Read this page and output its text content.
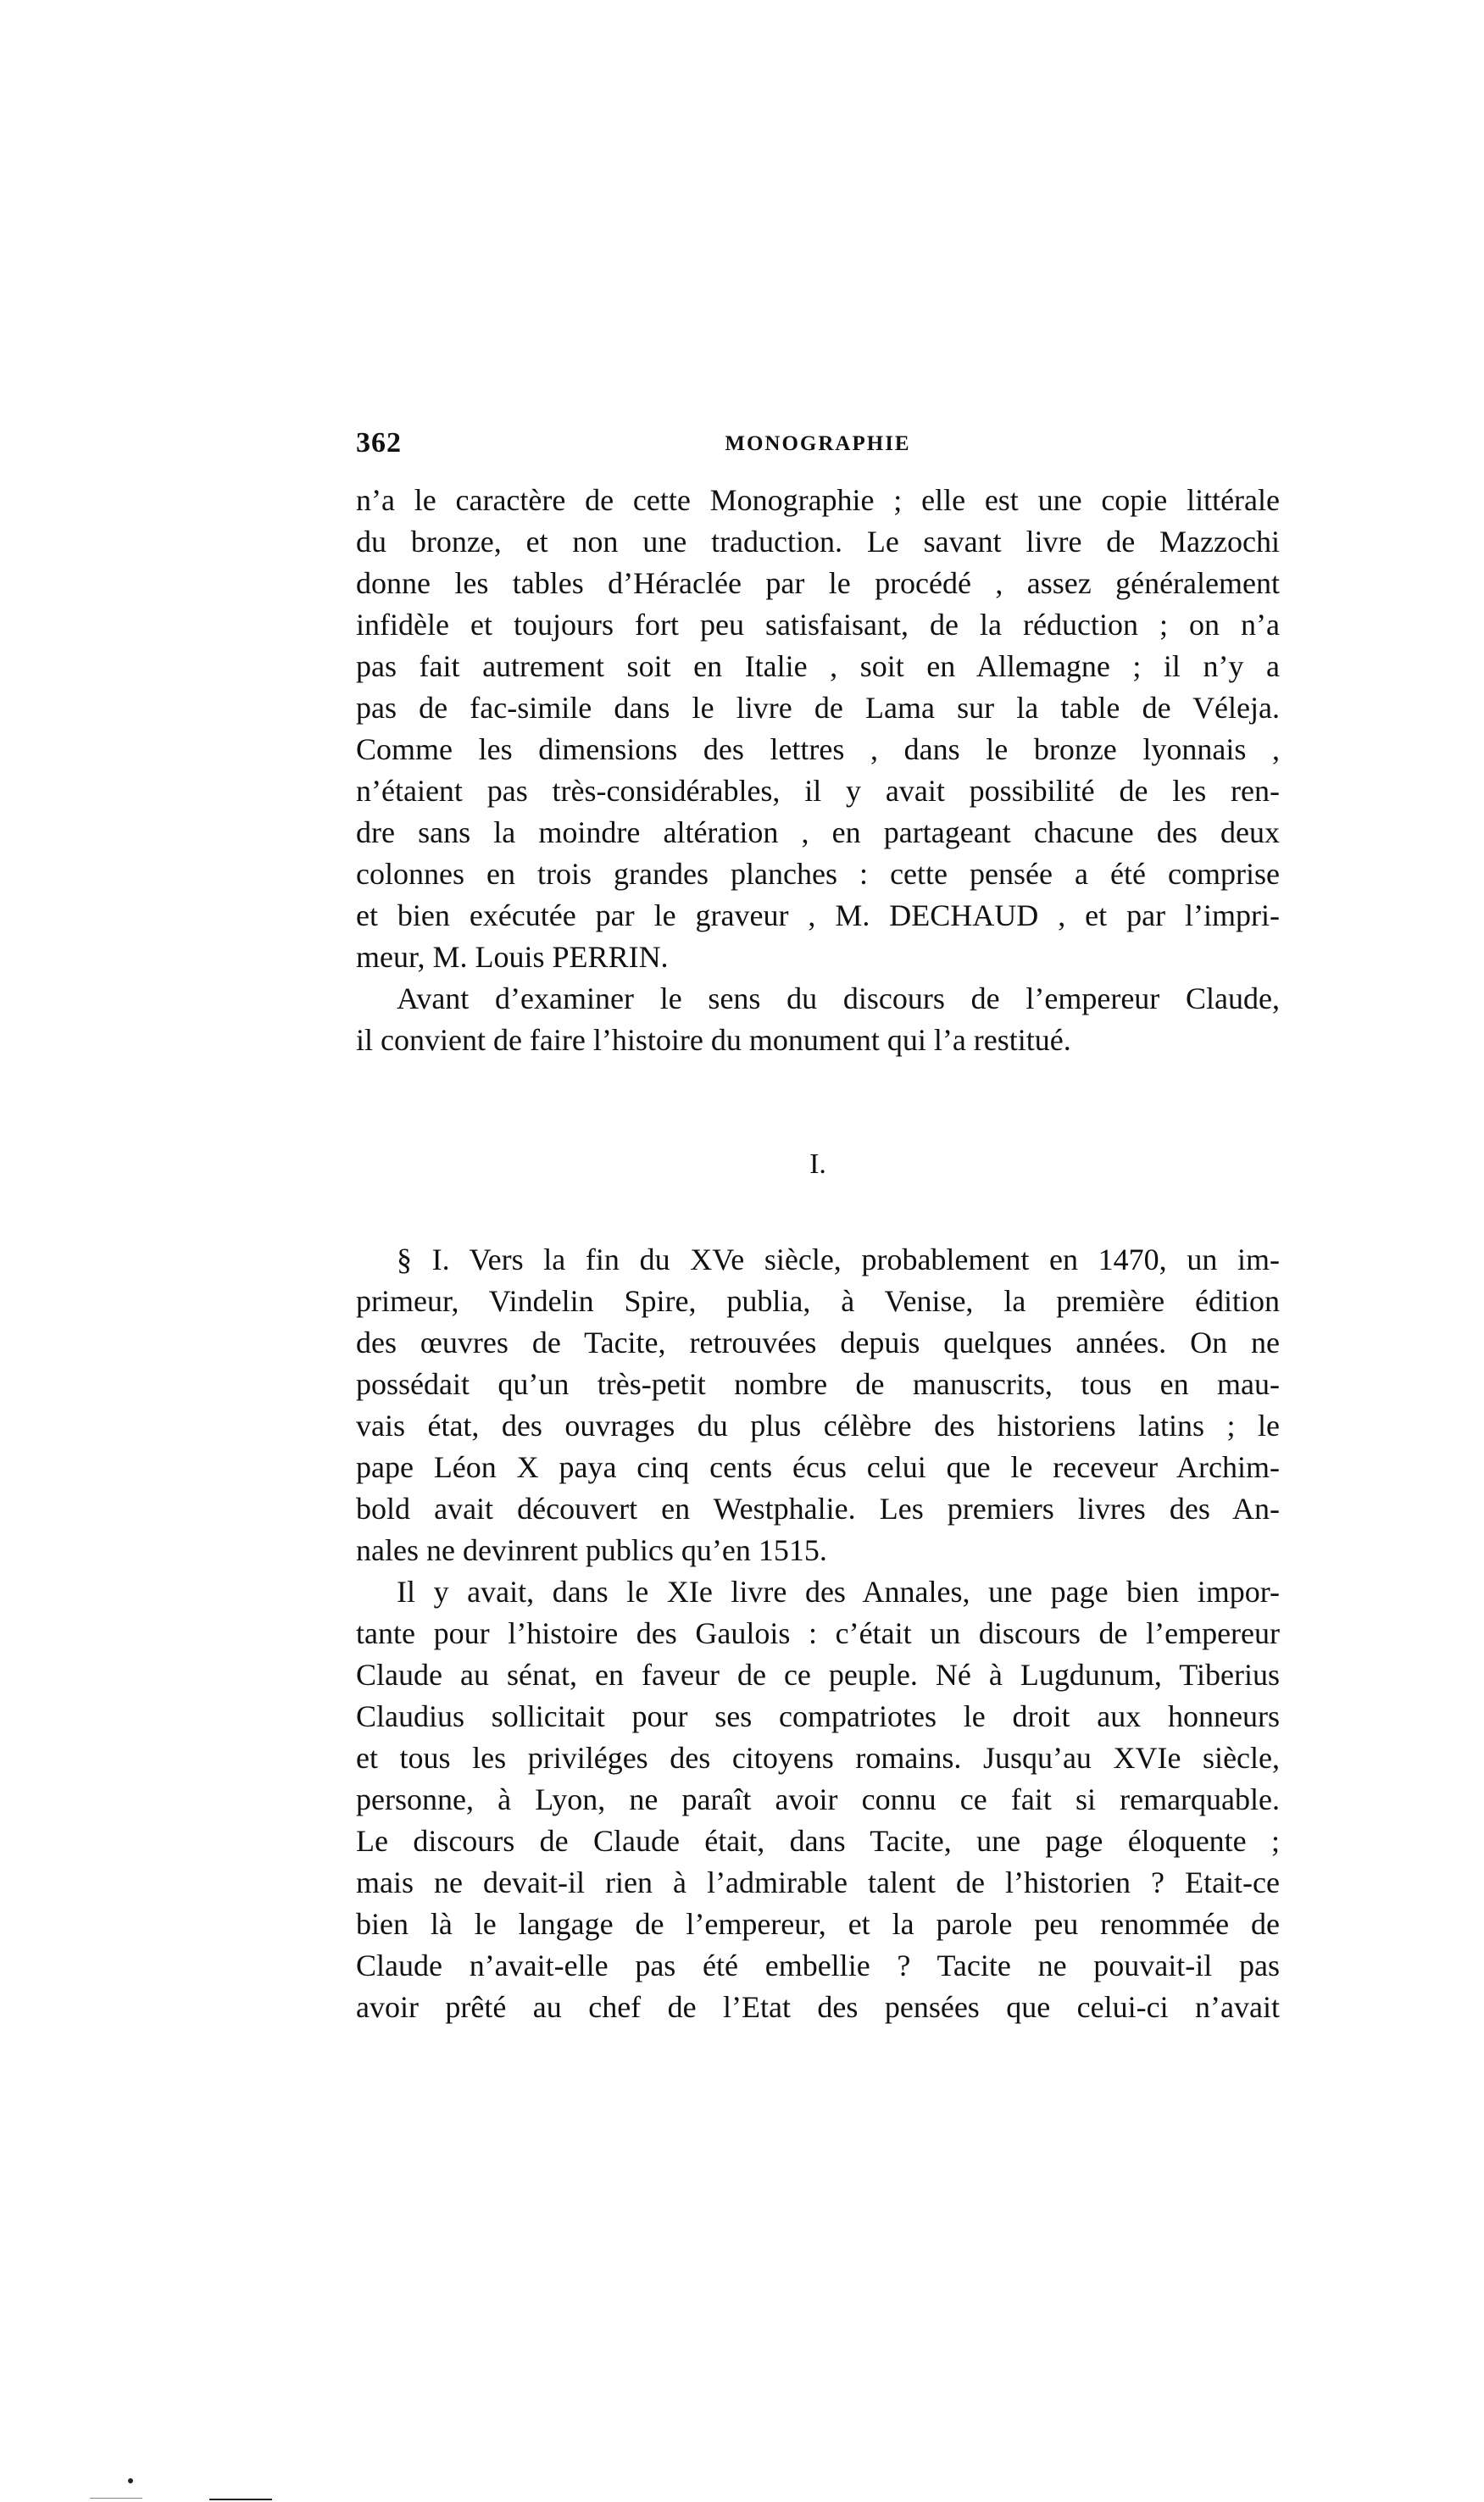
362	MONOGRAPHIE
n’a le caractère de cette Monographie ; elle est une copie littérale
du bronze, et non une traduction. Le savant livre de Mazzochi
donne les tables d’Héraclée par le procédé , assez généralement
infidèle et toujours fort peu satisfaisant, de la réduction ; on n’a
pas fait autrement soit en Italie , soit en Allemagne ; il n’y a
pas de fac-simile dans le livre de Lama sur la table de Véleja.
Comme les dimensions des lettres , dans le bronze lyonnais ,
n’étaient pas très-considérables, il y avait possibilité de les ren-
dre sans la moindre altération , en partageant chacune des deux
colonnes en trois grandes planches : cette pensée a été comprise
et bien exécutée par le graveur , M. DECHAUD , et par l’impri-
meur, M. Louis PERRIN.
Avant d’examiner le sens du discours de l’empereur Claude,
il convient de faire l’histoire du monument qui l’a restitué.
I.
§ I. Vers la fin du XVe siècle, probablement en 1470, un im-
primeur, Vindelin Spire, publia, à Venise, la première édition
des œuvres de Tacite, retrouvées depuis quelques années. On ne
possédait qu’un très-petit nombre de manuscrits, tous en mau-
vais état, des ouvrages du plus célèbre des historiens latins ; le
pape Léon X paya cinq cents écus celui que le receveur Archim-
bold avait découvert en Westphalie. Les premiers livres des An-
nales ne devinrent publics qu’en 1515.
Il y avait, dans le XIe livre des Annales, une page bien impor-
tante pour l’histoire des Gaulois : c’était un discours de l’empereur
Claude au sénat, en faveur de ce peuple. Né à Lugdunum, Tiberius
Claudius sollicitait pour ses compatriotes le droit aux honneurs
et tous les priviléges des citoyens romains. Jusqu’au XVIe siècle,
personne, à Lyon, ne paraît avoir connu ce fait si remarquable.
Le discours de Claude était, dans Tacite, une page éloquente ;
mais ne devait-il rien à l’admirable talent de l’historien ? Etait-ce
bien là le langage de l’empereur, et la parole peu renommée de
Claude n’avait-elle pas été embellie ? Tacite ne pouvait-il pas
avoir prêté au chef de l’Etat des pensées que celui-ci n’avait
